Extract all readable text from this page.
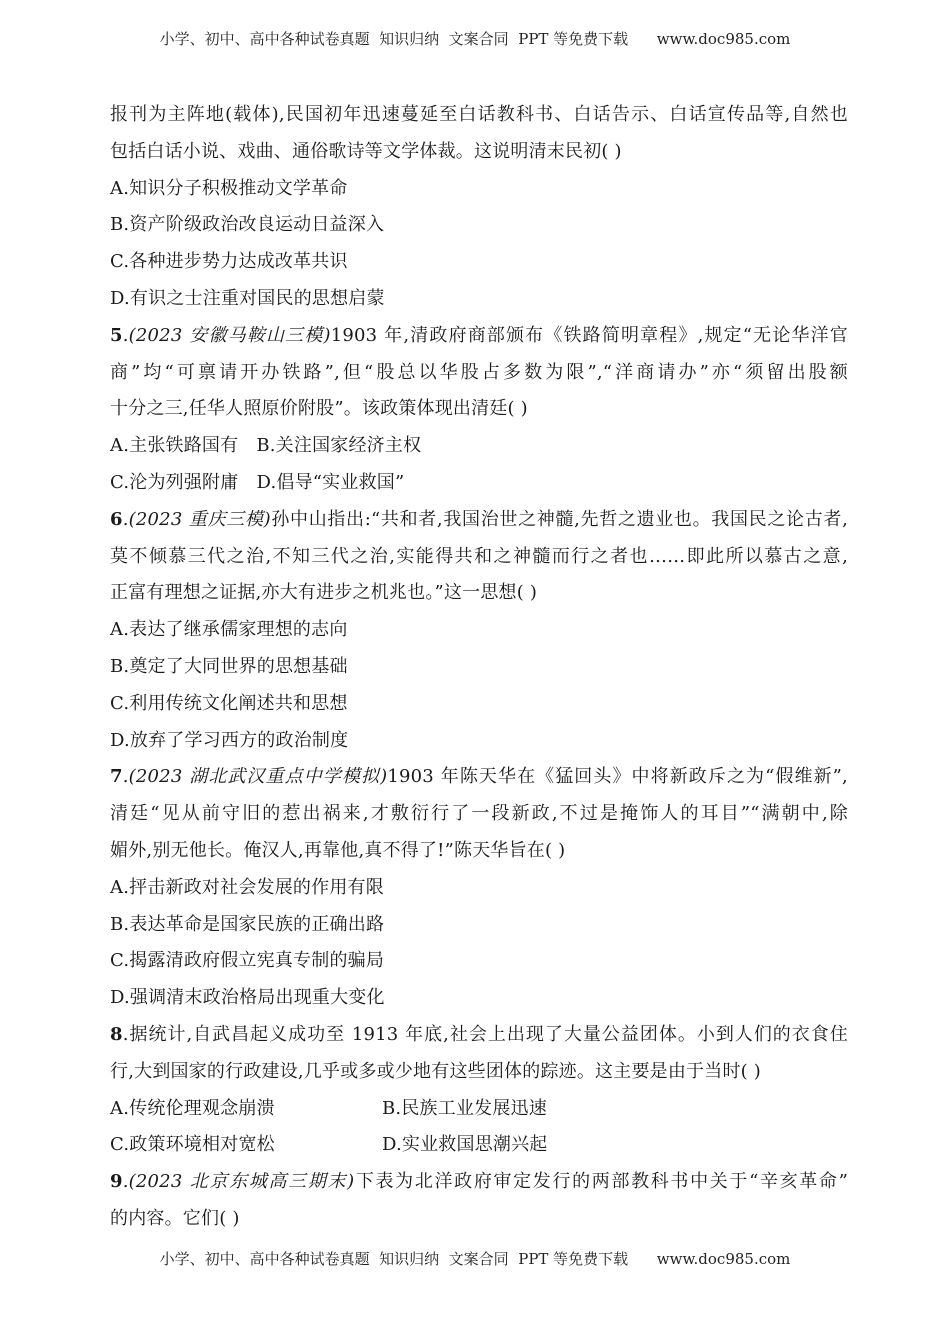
小学、初中、高中各种试卷真题  知识归纳  文案合同  PPT 等免费下载      www.doc985.com
报刊为主阵地(载体),民国初年迅速蔓延至白话教科书、白话告示、白话宣传品等,自然也
包括白话小说、戏曲、通俗歌诗等文学体裁。这说明清末民初( )
A.知识分子积极推动文学革命
B.资产阶级政治改良运动日益深入
C.各种进步势力达成改革共识
D.有识之士注重对国民的思想启蒙
5.(2023 安徽马鞍山三模)1903 年,清政府商部颁布《铁路简明章程》,规定“无论华洋官
商”均“可禀请开办铁路”,但“股总以华股占多数为限”,“洋商请办”亦“须留出股额
十分之三,任华人照原价附股”。该政策体现出清廷( )
A.主张铁路国有 B.关注国家经济主权
C.沦为列强附庸 D.倡导“实业救国”
6.(2023 重庆三模)孙中山指出:“共和者,我国治世之神髓,先哲之遗业也。我国民之论古者,
莫不倾慕三代之治,不知三代之治,实能得共和之神髓而行之者也……即此所以慕古之意,
正富有理想之证据,亦大有进步之机兆也。”这一思想( )
A.表达了继承儒家理想的志向
B.奠定了大同世界的思想基础
C.利用传统文化阐述共和思想
D.放弃了学习西方的政治制度
7.(2023 湖北武汉重点中学模拟)1903 年陈天华在《猛回头》中将新政斥之为“假维新”,
清廷“见从前守旧的惹出祸来,才敷衍行了一段新政,不过是掩饰人的耳目”“满朝中,除
媚外,别无他长。俺汉人,再靠他,真不得了!”陈天华旨在( )
A.抨击新政对社会发展的作用有限
B.表达革命是国家民族的正确出路
C.揭露清政府假立宪真专制的骗局
D.强调清末政治格局出现重大变化
8.据统计,自武昌起义成功至 1913 年底,社会上出现了大量公益团体。小到人们的衣食住
行,大到国家的行政建设,几乎或多或少地有这些团体的踪迹。这主要是由于当时( )
A.传统伦理观念崩溃	B.民族工业发展迅速
C.政策环境相对宽松	D.实业救国思潮兴起
9.(2023 北京东城高三期末)下表为北洋政府审定发行的两部教科书中关于“辛亥革命”
的内容。它们( )
小学、初中、高中各种试卷真题  知识归纳  文案合同  PPT 等免费下载      www.doc985.com
